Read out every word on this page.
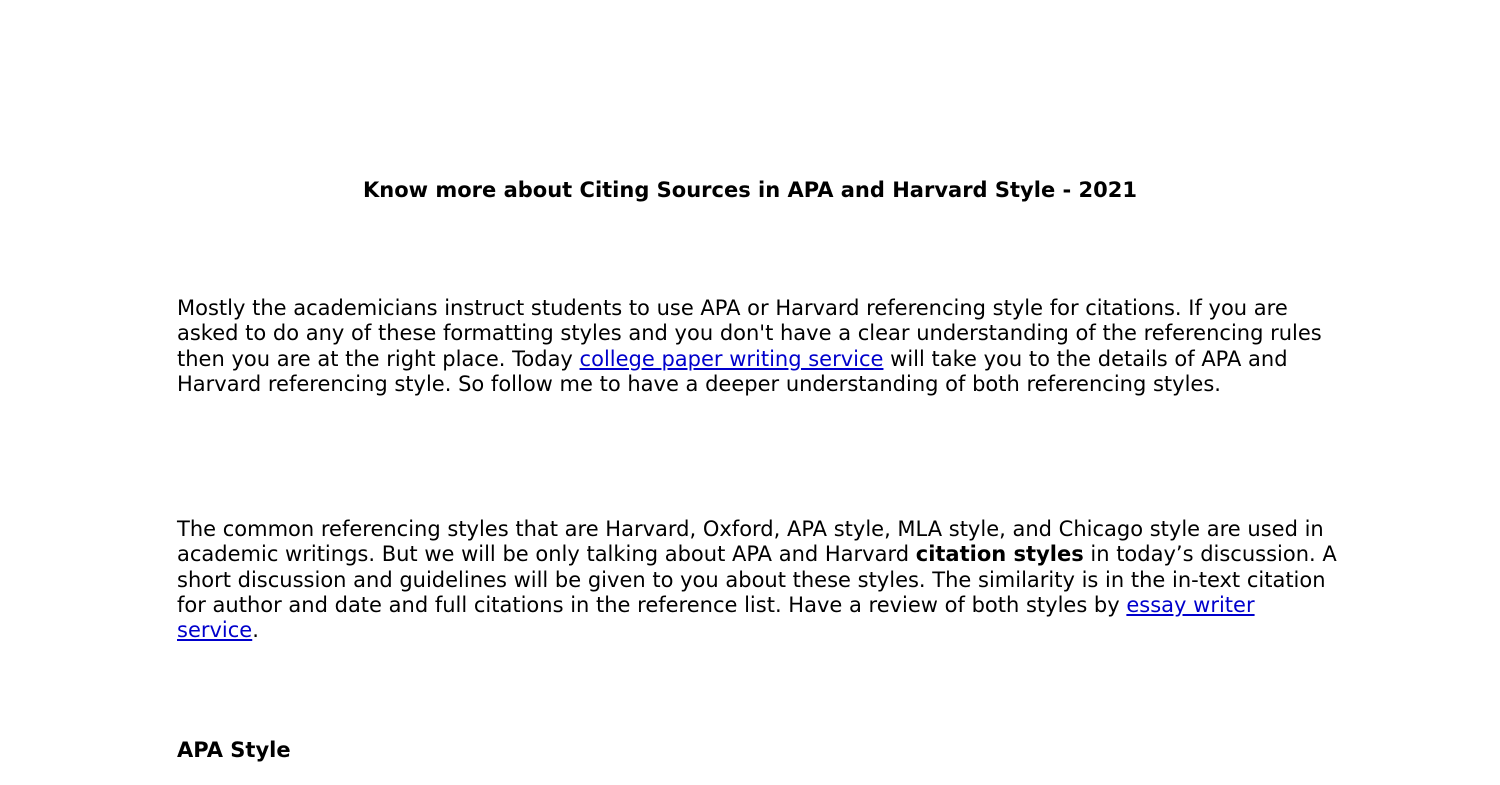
Know more about Citing Sources in APA and Harvard Style - 2021

Mostly the academicians instruct students to use APA or Harvard referencing style for citations. If you are asked to do any of these formatting styles and you don't have a clear understanding of the referencing rules then you are at the right place. Today college paper writing service will take you to the details of APA and Harvard referencing style. So follow me to have a deeper understanding of both referencing styles.

The common referencing styles that are Harvard, Oxford, APA style, MLA style, and Chicago style are used in academic writings. But we will be only talking about APA and Harvard citation styles in today’s discussion. A short discussion and guidelines will be given to you about these styles. The similarity is in the in-text citation for author and date and full citations in the reference list. Have a review of both styles by essay writer service.

APA Style
